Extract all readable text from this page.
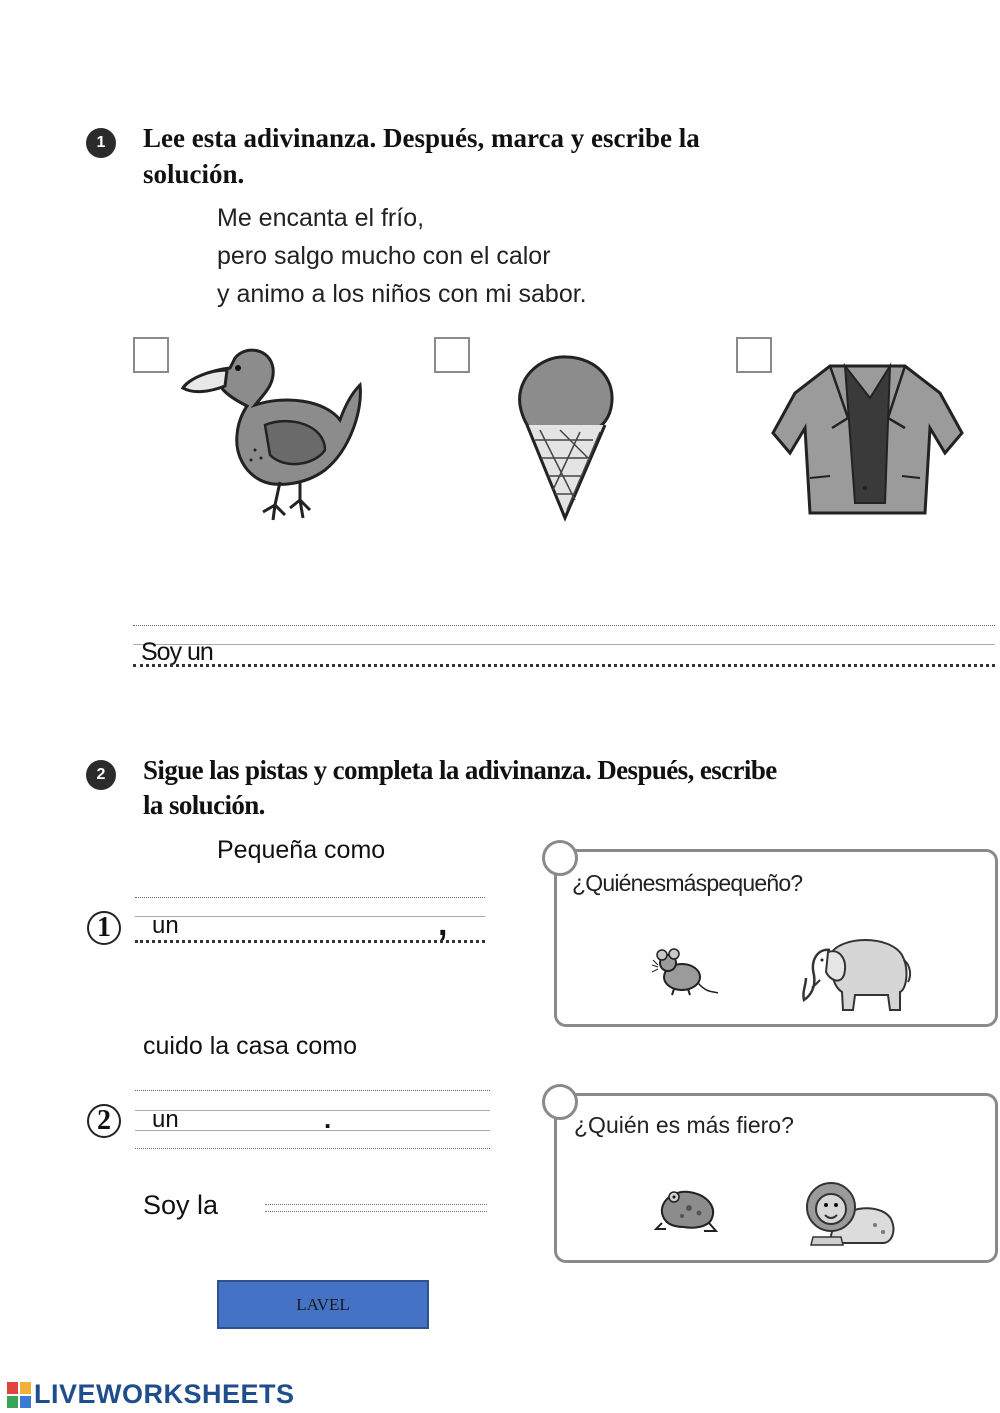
1	Lee esta adivinanza. Después, marca y escribe la
solución.
Me encanta el frío,
pero salgo mucho con el calor
y animo a los niños con mi sabor.
Soy un
2	Sigue las pistas y completa la adivinanza. Después, escribe
la solución.
Pequeña como
1	un	,
cuido la casa como
2	un	.
Soy la
¿Quiénesmáspequeño?
¿Quién es más fiero?
LAVEL
LIVEWORKSHEETS
